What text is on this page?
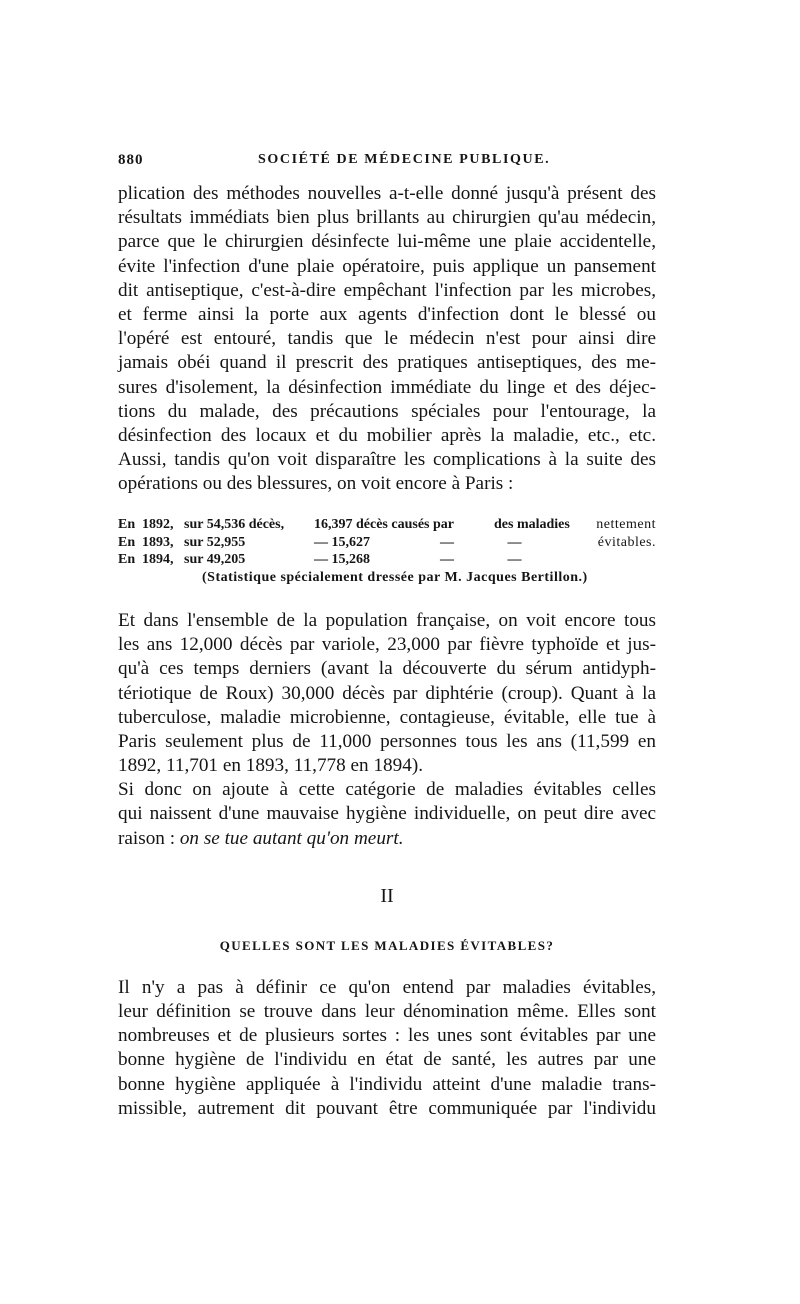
880	SOCIÉTÉ DE MÉDECINE PUBLIQUE.
plication des méthodes nouvelles a-t-elle donné jusqu'à présent des
résultats immédiats bien plus brillants au chirurgien qu'au médecin,
parce que le chirurgien désinfecte lui-même une plaie accidentelle,
évite l'infection d'une plaie opératoire, puis applique un pansement
dit antiseptique, c'est-à-dire empêchant l'infection par les microbes,
et ferme ainsi la porte aux agents d'infection dont le blessé ou
l'opéré est entouré, tandis que le médecin n'est pour ainsi dire
jamais obéi quand il prescrit des pratiques antiseptiques, des me-
sures d'isolement, la désinfection immédiate du linge et des déjec-
tions du malade, des précautions spéciales pour l'entourage, la
désinfection des locaux et du mobilier après la maladie, etc., etc.
Aussi, tandis qu'on voit disparaître les complications à la suite des
opérations ou des blessures, on voit encore à Paris :
En 1892, sur 54,536 décès, 16,397 décès causés par	des maladies nettement
En 1893, sur 52,955	— 15,627	— —	évitables.
En 1894, sur 49,205	— 15,268	— —
(Statistique spécialement dressée par M. Jacques Bertillon.)
Et dans l'ensemble de la population française, on voit encore tous
les ans 12,000 décès par variole, 23,000 par fièvre typhoïde et jus-
qu'à ces temps derniers (avant la découverte du sérum antidyph-
tériotique de Roux) 30,000 décès par diphtérie (croup). Quant à la
tuberculose, maladie microbienne, contagieuse, évitable, elle tue à
Paris seulement plus de 11,000 personnes tous les ans (11,599 en
1892, 11,701 en 1893, 11,778 en 1894).
Si donc on ajoute à cette catégorie de maladies évitables celles
qui naissent d'une mauvaise hygiène individuelle, on peut dire avec
raison : on se tue autant qu'on meurt.
II
QUELLES SONT LES MALADIES ÉVITABLES?
Il n'y a pas à définir ce qu'on entend par maladies évitables,
leur définition se trouve dans leur dénomination même. Elles sont
nombreuses et de plusieurs sortes : les unes sont évitables par une
bonne hygiène de l'individu en état de santé, les autres par une
bonne hygiène appliquée à l'individu atteint d'une maladie trans-
missible, autrement dit pouvant être communiquée par l'individu
